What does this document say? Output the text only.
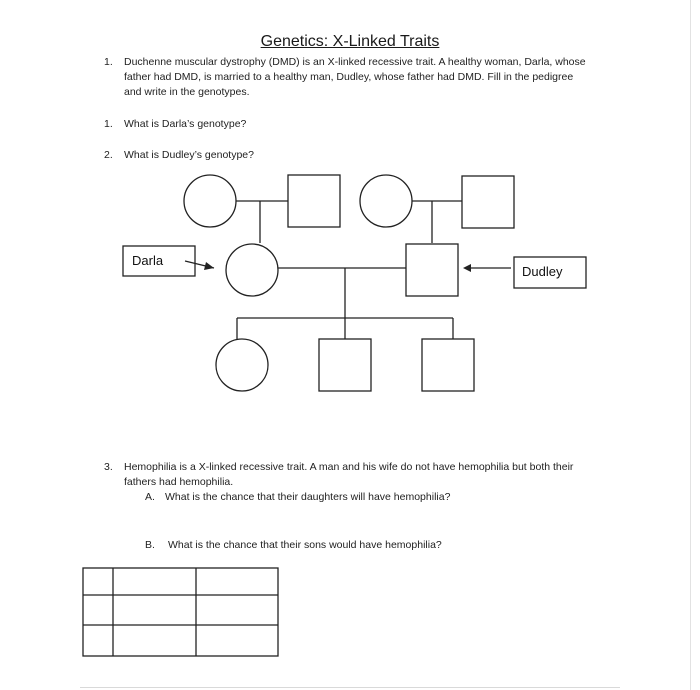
Genetics: X-Linked Traits
1. Duchenne muscular dystrophy (DMD) is an X-linked recessive trait. A healthy woman, Darla, whose
father had DMD, is married to a healthy man, Dudley, whose father had DMD. Fill in the pedigree
and write in the genotypes.
1. What is Darla’s genotype?
2. What is Dudley’s genotype?
Darla
Dudley
3. Hemophilia is a X-linked recessive trait. A man and his wife do not have hemophilia but both their
fathers had hemophilia.
A. What is the chance that their daughters will have hemophilia?
B. What is the chance that their sons would have hemophilia?
